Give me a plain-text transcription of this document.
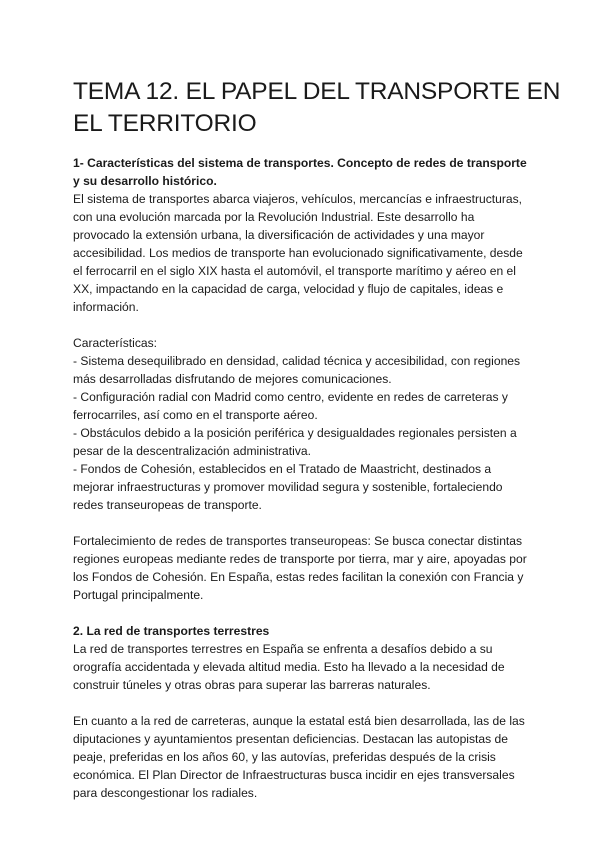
TEMA 12. EL PAPEL DEL TRANSPORTE EN EL TERRITORIO

1- Características del sistema de transportes. Concepto de redes de transporte y su desarrollo histórico.

El sistema de transportes abarca viajeros, vehículos, mercancías e infraestructuras, con una evolución marcada por la Revolución Industrial. Este desarrollo ha provocado la extensión urbana, la diversificación de actividades y una mayor accesibilidad. Los medios de transporte han evolucionado significativamente, desde el ferrocarril en el siglo XIX hasta el automóvil, el transporte marítimo y aéreo en el XX, impactando en la capacidad de carga, velocidad y flujo de capitales, ideas e información.

Características:

- Sistema desequilibrado en densidad, calidad técnica y accesibilidad, con regiones más desarrolladas disfrutando de mejores comunicaciones.

- Configuración radial con Madrid como centro, evidente en redes de carreteras y ferrocarriles, así como en el transporte aéreo.

- Obstáculos debido a la posición periférica y desigualdades regionales persisten a pesar de la descentralización administrativa.

- Fondos de Cohesión, establecidos en el Tratado de Maastricht, destinados a mejorar infraestructuras y promover movilidad segura y sostenible, fortaleciendo redes transeuropeas de transporte.

Fortalecimiento de redes de transportes transeuropeas: Se busca conectar distintas regiones europeas mediante redes de transporte por tierra, mar y aire, apoyadas por los Fondos de Cohesión. En España, estas redes facilitan la conexión con Francia y Portugal principalmente.

2. La red de transportes terrestres

La red de transportes terrestres en España se enfrenta a desafíos debido a su orografía accidentada y elevada altitud media. Esto ha llevado a la necesidad de construir túneles y otras obras para superar las barreras naturales.

En cuanto a la red de carreteras, aunque la estatal está bien desarrollada, las de las diputaciones y ayuntamientos presentan deficiencias. Destacan las autopistas de peaje, preferidas en los años 60, y las autovías, preferidas después de la crisis económica. El Plan Director de Infraestructuras busca incidir en ejes transversales para descongestionar los radiales.
